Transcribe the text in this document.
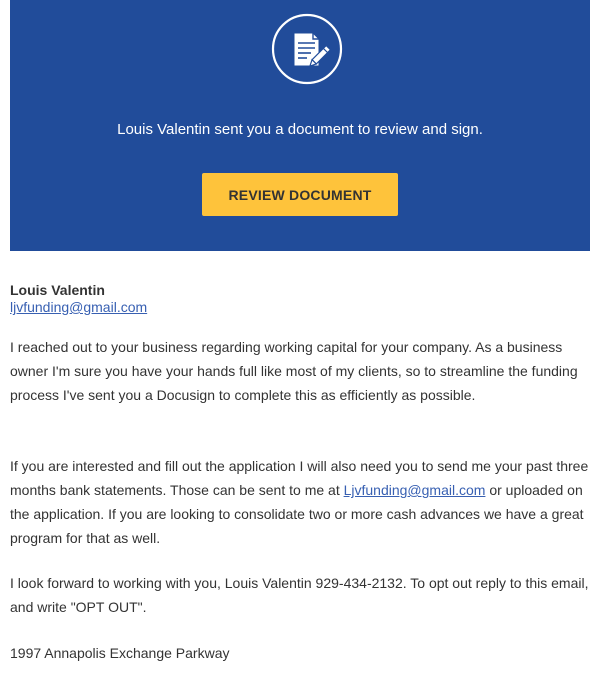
Louis Valentin sent you a document to review and sign.
REVIEW DOCUMENT
Louis Valentin
ljvfunding@gmail.com

I reached out to your business regarding working capital for your company. As a business owner I'm sure you have your hands full like most of my clients, so to streamline the funding process I've sent you a Docusign to complete this as efficiently as possible.

If you are interested and fill out the application I will also need you to send me your past three months bank statements. Those can be sent to me at Ljvfunding@gmail.com or uploaded on the application. If you are looking to consolidate two or more cash advances we have a great program for that as well.

I look forward to working with you, Louis Valentin 929-434-2132. To opt out reply to this email, and write "OPT OUT".

1997 Annapolis Exchange Parkway
